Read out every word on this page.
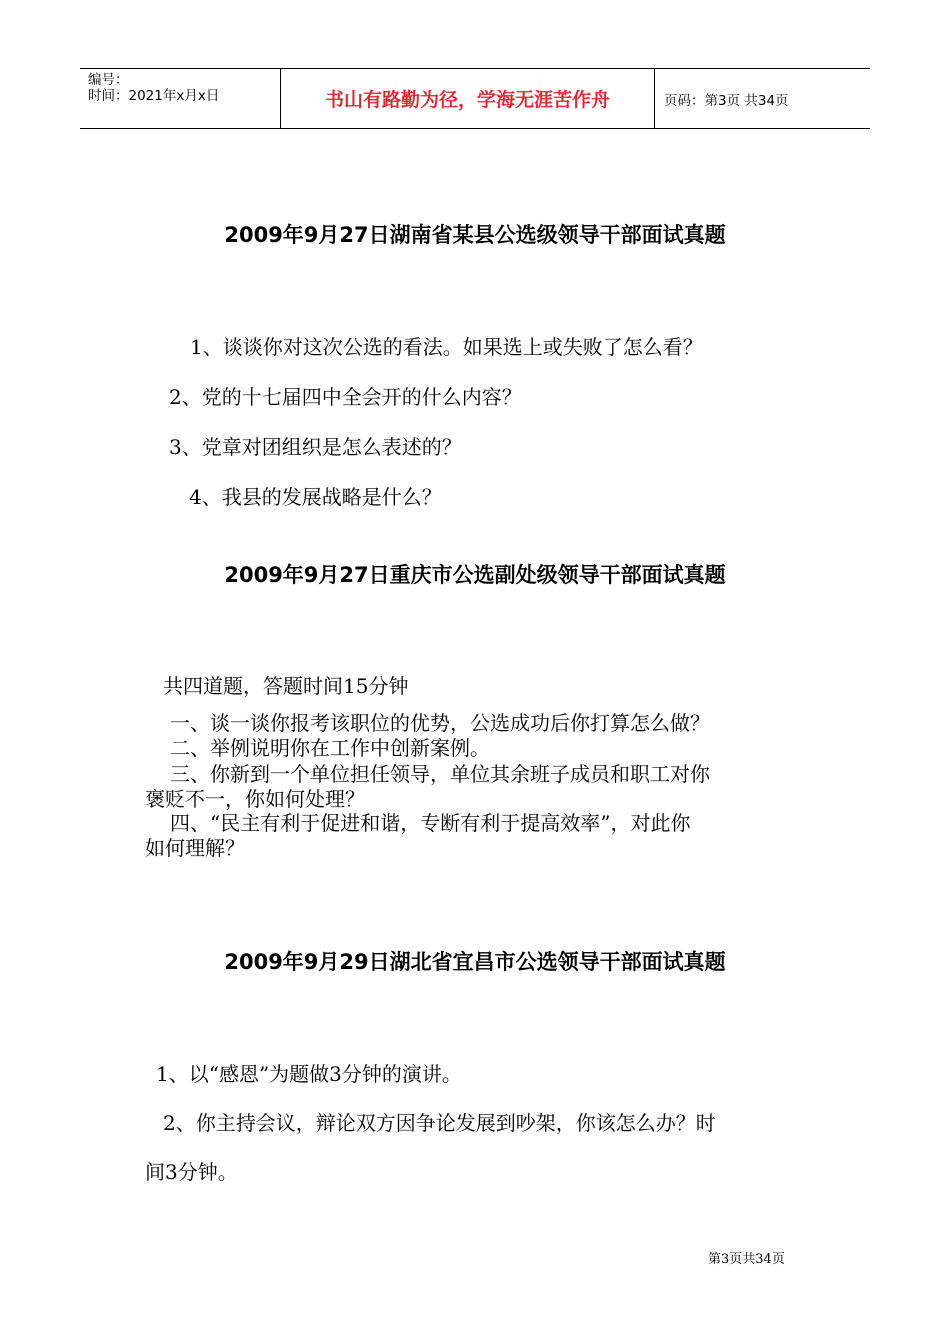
编号：
时间：2021年x月x日	书山有路勤为径，学海无涯苦作舟	页码：第3页 共34页
2009年9月27日湖南省某县公选级领导干部面试真题
1、谈谈你对这次公选的看法。如果选上或失败了怎么看？
2、党的十七届四中全会开的什么内容？
3、党章对团组织是怎么表述的？
4、我县的发展战略是什么？
2009年9月27日重庆市公选副处级领导干部面试真题
共四道题，答题时间15分钟
一、谈一谈你报考该职位的优势，公选成功后你打算怎么做？
二、举例说明你在工作中创新案例。
三、你新到一个单位担任领导，单位其余班子成员和职工对你
褒贬不一，你如何处理？
四、“民主有利于促进和谐，专断有利于提高效率”，对此你
如何理解？
2009年9月29日湖北省宜昌市公选领导干部面试真题
1、以“感恩”为题做3分钟的演讲。
2、你主持会议，辩论双方因争论发展到吵架，你该怎么办？时
间3分钟。
第3页共34页
